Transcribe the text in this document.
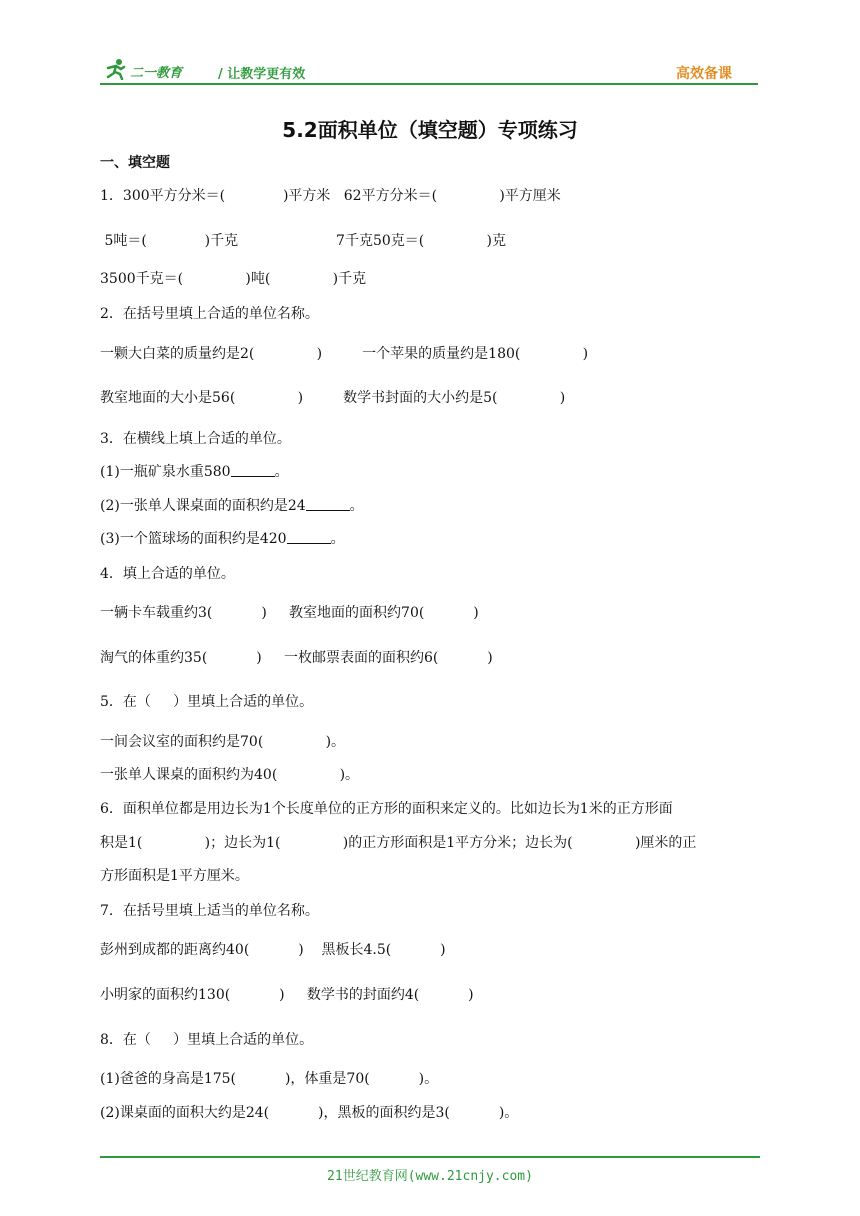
二一教育	/ 让教学更有效	高效备课
5.2面积单位（填空题）专项练习
一、填空题
1．300平方分米＝(             )平方米   62平方分米＝(              )平方厘米
5吨＝(             )千克                      7千克50克＝(              )克
3500千克＝(              )吨(              )千克
2．在括号里填上合适的单位名称。
一颗大白菜的质量约是2(              )         一个苹果的质量约是180(              )
教室地面的大小是56(              )         数学书封面的大小约是5(              )
3．在横线上填上合适的单位。
(1)一瓶矿泉水重580	。
(2)一张单人课桌面的面积约是24	。
(3)一个篮球场的面积约是420	。
4．填上合适的单位。
一辆卡车载重约3(           )     教室地面的面积约70(           )
淘气的体重约35(           )     一枚邮票表面的面积约6(           )
5．在（     ）里填上合适的单位。
一间会议室的面积约是70(              )。
一张单人课桌的面积约为40(              )。
6．面积单位都是用边长为1个长度单位的正方形的面积来定义的。比如边长为1米的正方形面
积是1(              )；边长为1(              )的正方形面积是1平方分米；边长为(              )厘米的正
方形面积是1平方厘米。
7．在括号里填上适当的单位名称。
彭州到成都的距离约40(           )    黑板长4.5(           )
小明家的面积约130(           )     数学书的封面约4(           )
8．在（     ）里填上合适的单位。
(1)爸爸的身高是175(           )，体重是70(           )。
(2)课桌面的面积大约是24(           )，黑板的面积约是3(           )。
21世纪教育网(www.21cnjy.com)
